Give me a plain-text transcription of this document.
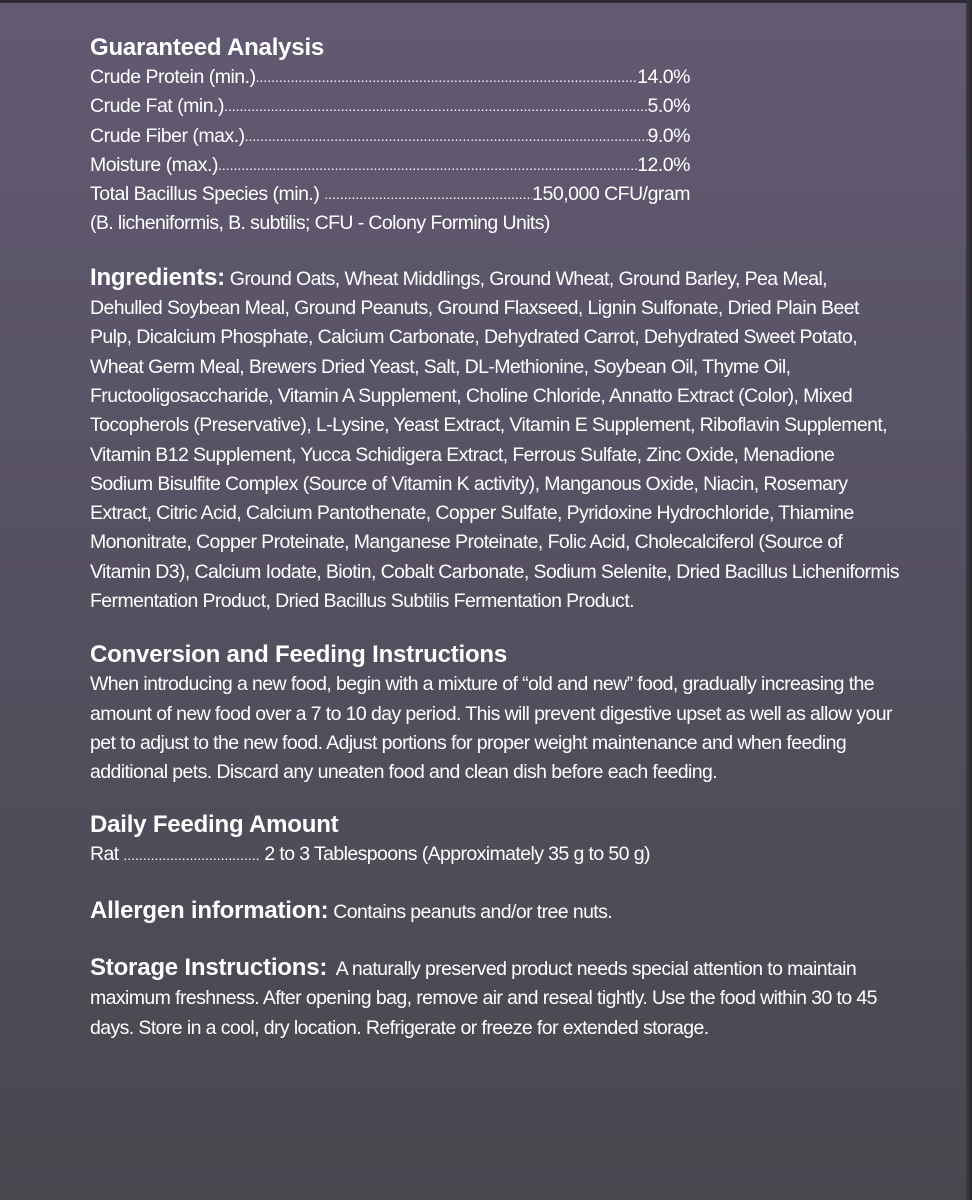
Guaranteed Analysis
Crude Protein (min.) .....	14.0%
Crude Fat (min.) .....	5.0%
Crude Fiber (max.) .....	9.0%
Moisture (max.) .....	12.0%
Total Bacillus Species (min.) .....	150,000 CFU/gram
(B. licheniformis, B. subtilis; CFU - Colony Forming Units)
Ingredients: Ground Oats, Wheat Middlings, Ground Wheat, Ground Barley, Pea Meal, Dehulled Soybean Meal, Ground Peanuts, Ground Flaxseed, Lignin Sulfonate, Dried Plain Beet Pulp, Dicalcium Phosphate, Calcium Carbonate, Dehydrated Carrot, Dehydrated Sweet Potato, Wheat Germ Meal, Brewers Dried Yeast, Salt, DL-Methionine, Soybean Oil, Thyme Oil, Fructooligosaccharide, Vitamin A Supplement, Choline Chloride, Annatto Extract (Color), Mixed Tocopherols (Preservative), L-Lysine, Yeast Extract, Vitamin E Supplement, Riboflavin Supplement, Vitamin B12 Supplement, Yucca Schidigera Extract, Ferrous Sulfate, Zinc Oxide, Menadione Sodium Bisulfite Complex (Source of Vitamin K activity), Manganous Oxide, Niacin, Rosemary Extract, Citric Acid, Calcium Pantothenate, Copper Sulfate, Pyridoxine Hydrochloride, Thiamine Mononitrate, Copper Proteinate, Manganese Proteinate, Folic Acid, Cholecalciferol (Source of Vitamin D3), Calcium Iodate, Biotin, Cobalt Carbonate, Sodium Selenite, Dried Bacillus Licheniformis Fermentation Product, Dried Bacillus Subtilis Fermentation Product.
Conversion and Feeding Instructions
When introducing a new food, begin with a mixture of “old and new” food, gradually increasing the amount of new food over a 7 to 10 day period. This will prevent digestive upset as well as allow your pet to adjust to the new food. Adjust portions for proper weight maintenance and when feeding additional pets. Discard any uneaten food and clean dish before each feeding.
Daily Feeding Amount
Rat ................................... 2 to 3 Tablespoons (Approximately 35 g to 50 g)
Allergen information: Contains peanuts and/or tree nuts.
Storage Instructions:  A naturally preserved product needs special attention to maintain maximum freshness. After opening bag, remove air and reseal tightly. Use the food within 30 to 45 days. Store in a cool, dry location. Refrigerate or freeze for extended storage.
